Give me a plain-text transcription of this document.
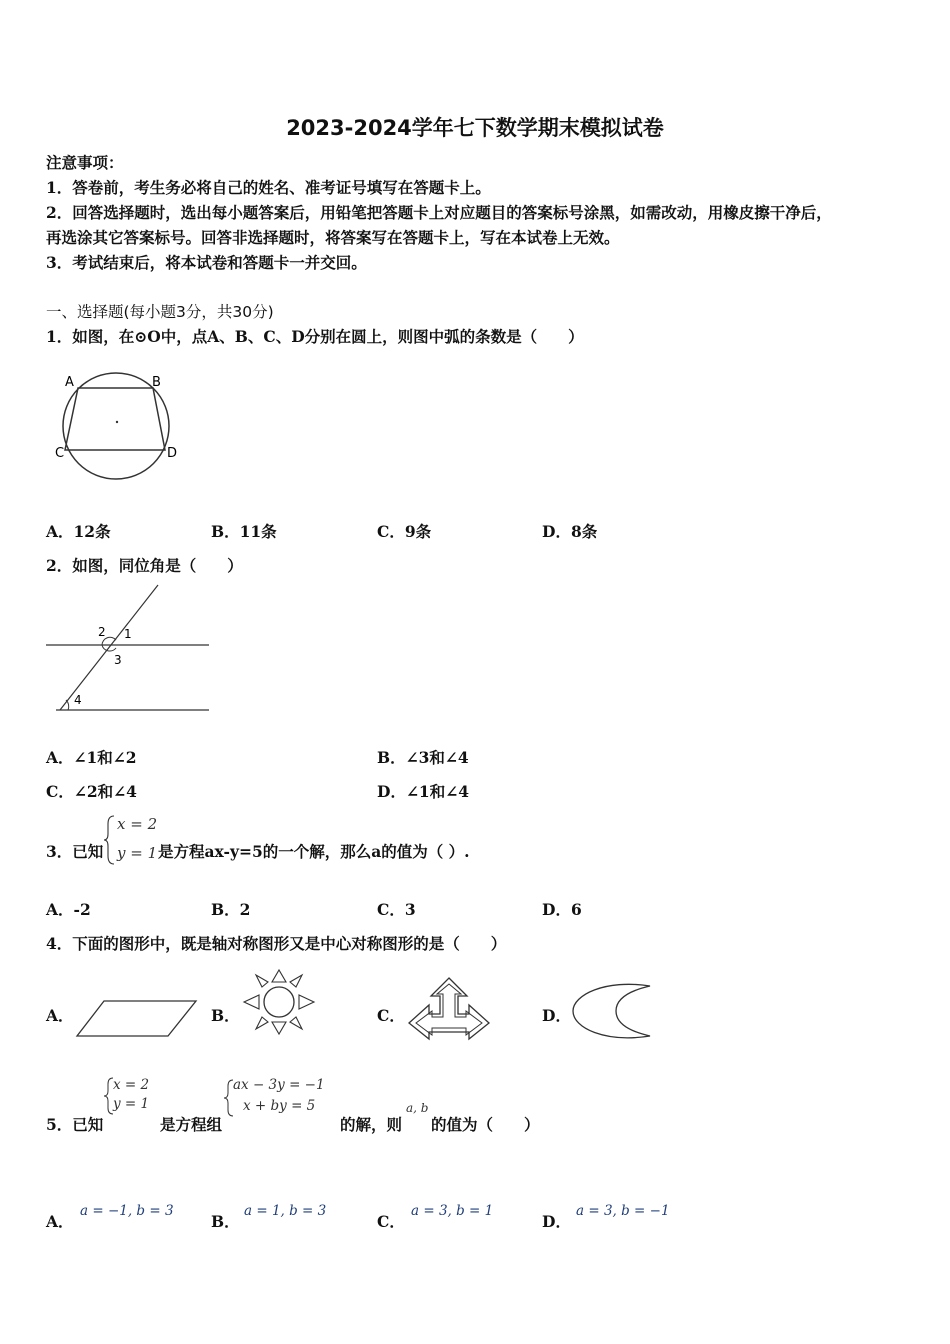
2023-2024学年七下数学期末模拟试卷
注意事项：
1．答卷前，考生务必将自己的姓名、准考证号填写在答题卡上。
2．回答选择题时，选出每小题答案后，用铅笔把答题卡上对应题目的答案标号涂黑，如需改动，用橡皮擦干净后，
再选涂其它答案标号。回答非选择题时，将答案写在答题卡上，写在本试卷上无效。
3．考试结束后，将本试卷和答题卡一并交回。
一、选择题(每小题3分，共30分)
1．如图，在⊙O中，点A、B、C、D分别在圆上，则图中弧的条数是（　　）
A	B
C	D
A．12条	B．11条	C．9条	D．8条
2．如图，同位角是（　　）
1
2
3
4
A．∠1和∠2	B．∠3和∠4
C．∠2和∠4	D．∠1和∠4
3．已知
x = 2
y = 1 是方程ax-y=5的一个解，那么a的值为（ ）.
A．-2	B．2	C．3	D．6
4．下面的图形中，既是轴对称图形又是中心对称图形的是（　　）
A．	B．	C．	D．
x = 2
y = 1
5．已知	是方程组
ax − 3y = −1
x + by = 5
的解，则
a, b
的值为（　　）
A．
a = −1, b = 3
B．
a = 1, b = 3
C．
a = 3, b = 1
D．
a = 3, b = −1
